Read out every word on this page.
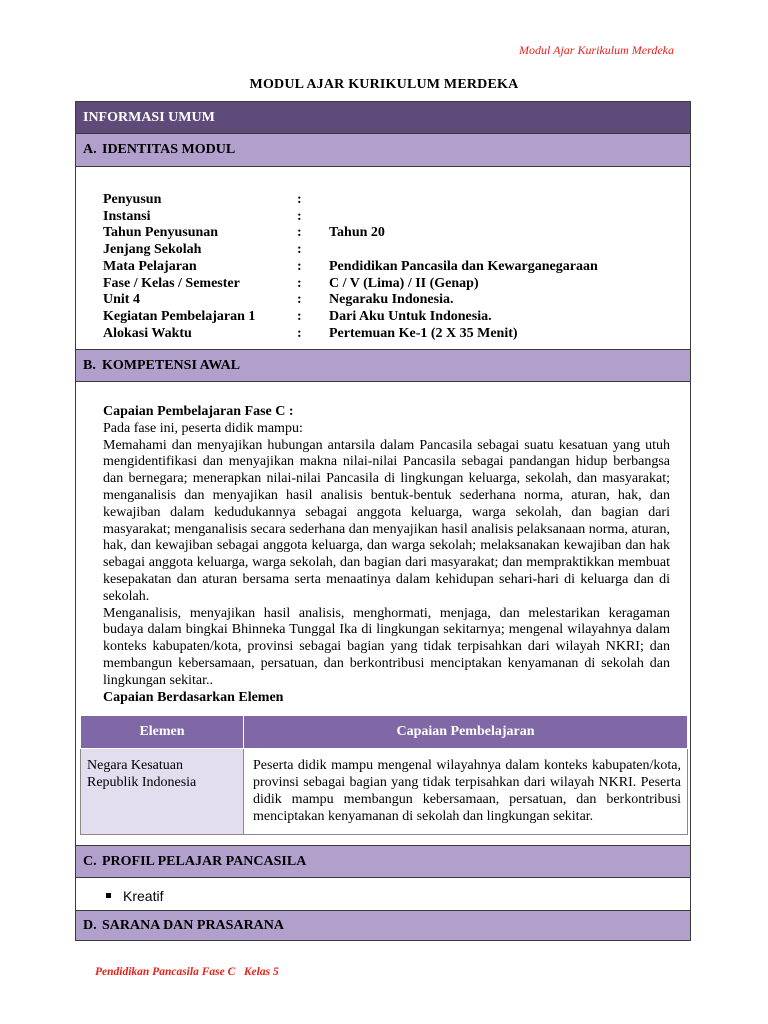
Modul Ajar Kurikulum Merdeka
MODUL AJAR KURIKULUM MERDEKA
INFORMASI UMUM
A. IDENTITAS MODUL
Penyusun	:	
Instansi	:	
Tahun Penyusunan	:	Tahun 20
Jenjang Sekolah	:	
Mata Pelajaran	:	Pendidikan Pancasila dan Kewarganegaraan
Fase / Kelas / Semester	:	C / V (Lima) / II (Genap)
Unit 4	:	Negaraku Indonesia.
Kegiatan Pembelajaran 1	:	Dari Aku Untuk Indonesia.
Alokasi Waktu	:	Pertemuan Ke-1 (2 X 35 Menit)
B. KOMPETENSI AWAL

Capaian Pembelajaran Fase C :

Pada fase ini, peserta didik mampu:

Memahami dan menyajikan hubungan antarsila dalam Pancasila sebagai suatu kesatuan yang utuh mengidentifikasi dan menyajikan makna nilai-nilai Pancasila sebagai pandangan hidup berbangsa dan bernegara; menerapkan nilai-nilai Pancasila di lingkungan keluarga, sekolah, dan masyarakat; menganalisis dan menyajikan hasil analisis bentuk-bentuk sederhana norma, aturan, hak, dan kewajiban dalam kedudukannya sebagai anggota keluarga, warga sekolah, dan bagian dari masyarakat; menganalisis secara sederhana dan menyajikan hasil analisis pelaksanaan norma, aturan, hak, dan kewajiban sebagai anggota keluarga, dan warga sekolah; melaksanakan kewajiban dan hak sebagai anggota keluarga, warga sekolah, dan bagian dari masyarakat; dan mempraktikkan membuat kesepakatan dan aturan bersama serta menaatinya dalam kehidupan sehari-hari di keluarga dan di sekolah.

Menganalisis, menyajikan hasil analisis, menghormati, menjaga, dan melestarikan keragaman budaya dalam bingkai Bhinneka Tunggal Ika di lingkungan sekitarnya; mengenal wilayahnya dalam konteks kabupaten/kota, provinsi sebagai bagian yang tidak terpisahkan dari wilayah NKRI; dan membangun kebersamaan, persatuan, dan berkontribusi menciptakan kenyamanan di sekolah dan lingkungan sekitar..

Capaian Berdasarkan Elemen

Elemen	Capaian Pembelajaran
Negara Kesatuan Republik Indonesia	Peserta didik mampu mengenal wilayahnya dalam konteks kabupaten/kota, provinsi sebagai bagian yang tidak terpisahkan dari wilayah NKRI. Peserta didik mampu membangun kebersamaan, persatuan, dan berkontribusi menciptakan kenyamanan di sekolah dan lingkungan sekitar.
C. PROFIL PELAJAR PANCASILA
Kreatif
D. SARANA DAN PRASARANA
Pendidikan Pancasila Fase C   Kelas 5
